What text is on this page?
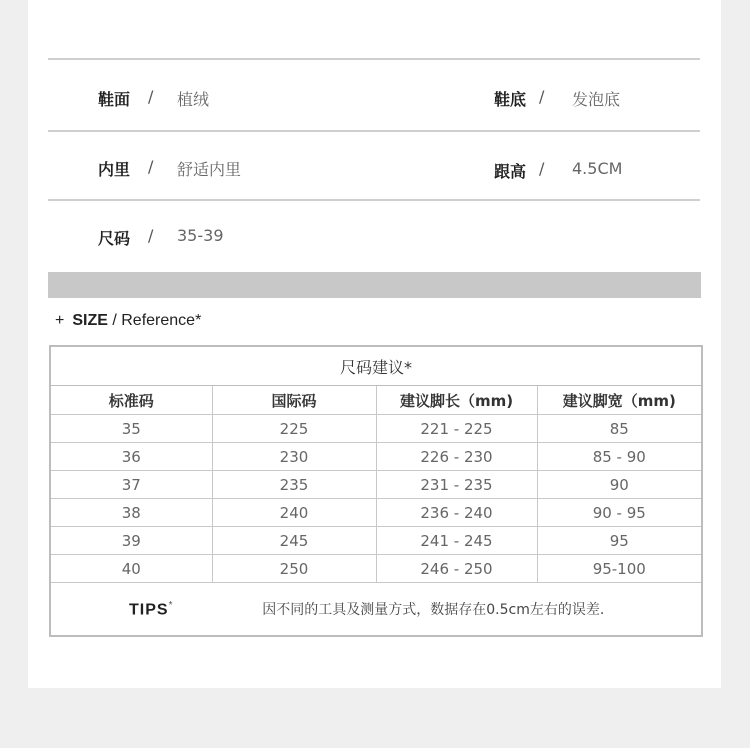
鞋面 / 植绒	鞋底 / 发泡底
内里 / 舒适内里	跟高 / 4.5CM
尺码 / 35-39
+ SIZE / Reference*
尺码建议*			
标准码	国际码	建议脚长（mm)	建议脚宽（mm)
35	225	221 - 225	85
36	230	226 - 230	85 - 90
37	235	231 - 235	90
38	240	236 - 240	90 - 95
39	245	241 - 245	95
40	250	246 - 250	95-100
TIPS* 因不同的工具及测量方式，数据存在0.5cm左右的误差.			
